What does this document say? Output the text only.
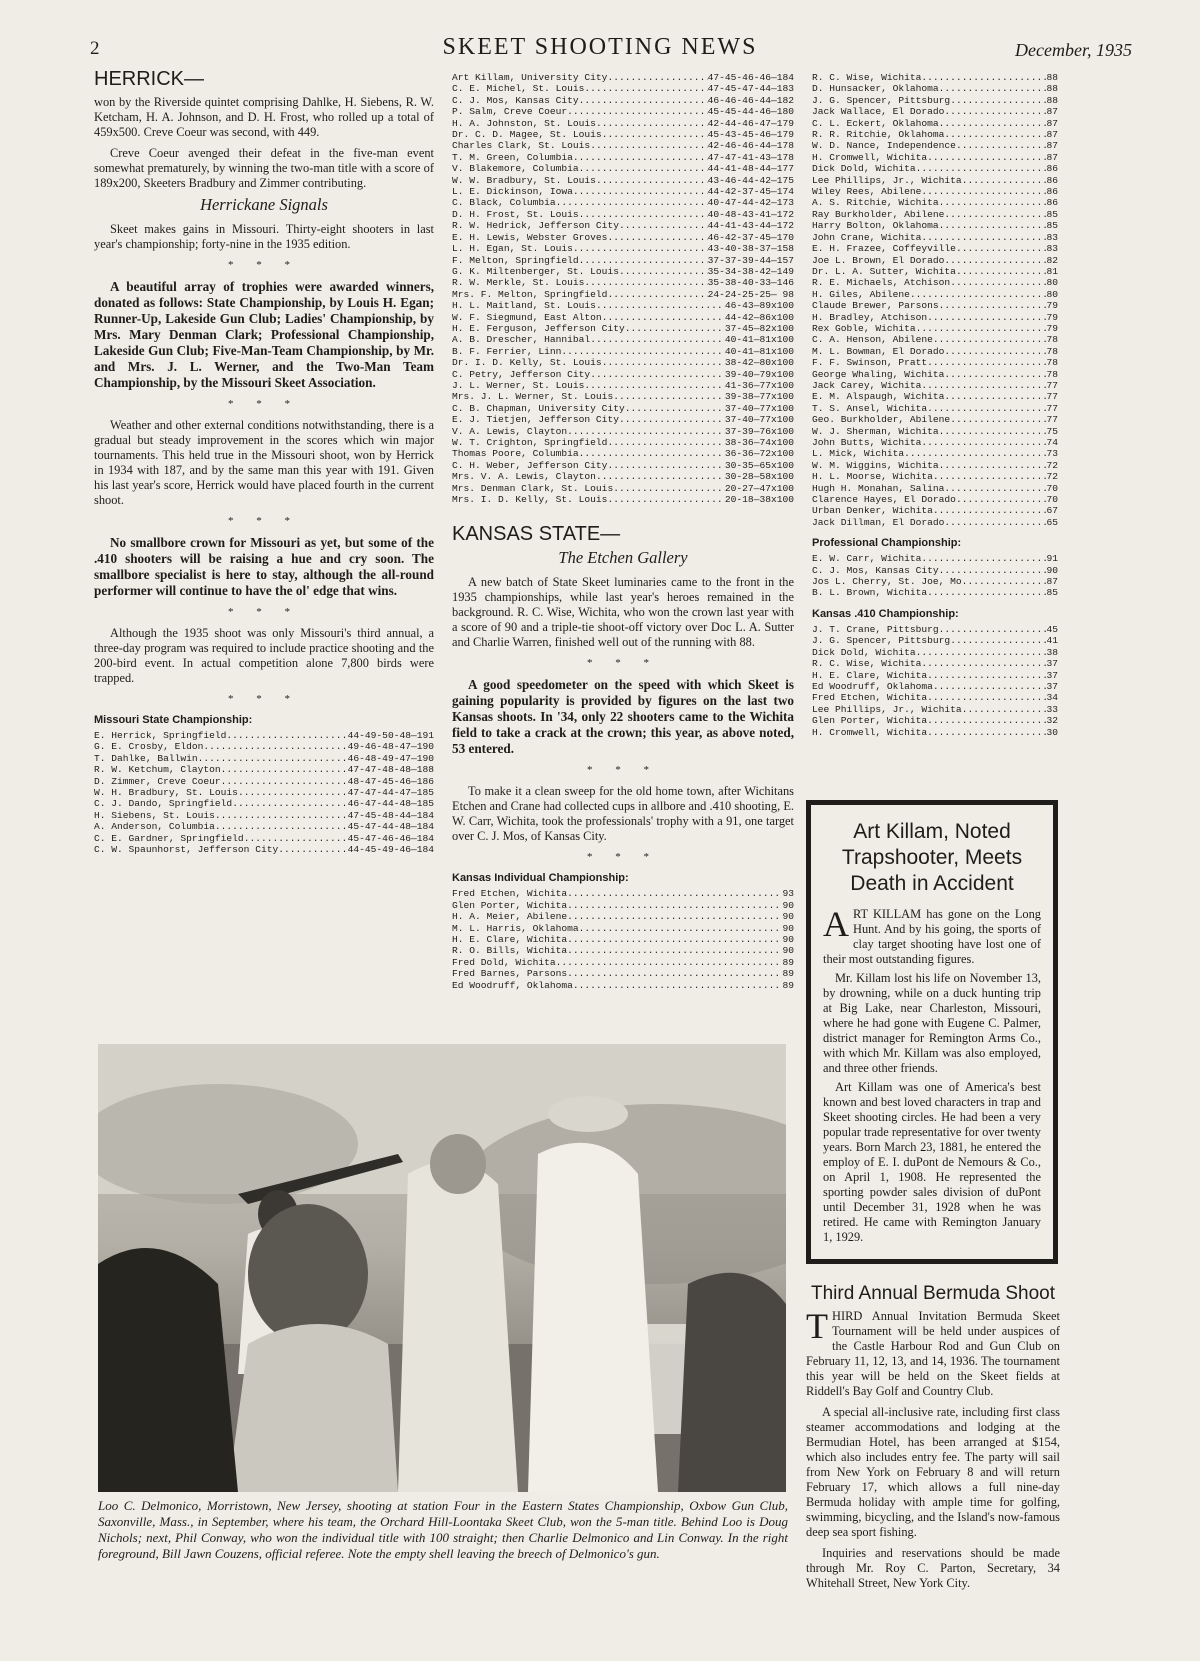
2	SKEET SHOOTING NEWS	December, 1935
HERRICK—

won by the Riverside quintet comprising Dahlke, H. Siebens, R. W. Ketcham, H. A. Johnson, and D. H. Frost, who rolled up a total of 459x500. Creve Coeur was second, with 449.

Creve Coeur avenged their defeat in the five-man event somewhat prematurely, by winning the two-man title with a score of 189x200, Skeeters Bradbury and Zimmer contributing.

Herrickane Signals

Skeet makes gains in Missouri. Thirty-eight shooters in last year's championship; forty-nine in the 1935 edition.

* * *

A beautiful array of trophies were awarded winners, donated as follows: State Championship, by Louis H. Egan; Runner-Up, Lakeside Gun Club; Ladies' Championship, by Mrs. Mary Denman Clark; Professional Championship, Lakeside Gun Club; Five-Man-Team Championship, by Mr. and Mrs. J. L. Werner, and the Two-Man Team Championship, by the Missouri Skeet Association.

* * *

Weather and other external conditions notwithstanding, there is a gradual but steady improvement in the scores which win major tournaments. This held true in the Missouri shoot, won by Herrick in 1934 with 187, and by the same man this year with 191. Given his last year's score, Herrick would have placed fourth in the current shoot.

* * *

No smallbore crown for Missouri as yet, but some of the .410 shooters will be raising a hue and cry soon. The smallbore specialist is here to stay, although the all-round performer will continue to have the ol' edge that wins.

* * *

Although the 1935 shoot was only Missouri's third annual, a three-day program was required to include practice shooting and the 200-bird event. In actual competition alone 7,800 birds were trapped.

* * *
Missouri State Championship:
E. Herrick, Springfield .....	44-49-50-48—191
G. E. Crosby, Eldon .....	49-46-48-47—190
T. Dahlke, Ballwin .....	46-48-49-47—190
R. W. Ketchum, Clayton .....	47-47-48-48—188
D. Zimmer, Creve Coeur .....	48-47-45-46—186
W. H. Bradbury, St. Louis .....	47-47-44-47—185
C. J. Dando, Springfield .....	46-47-44-48—185
H. Siebens, St. Louis .....	47-45-48-44—184
A. Anderson, Columbia .....	45-47-44-48—184
C. E. Gardner, Springfield .....	45-47-46-46—184
C. W. Spaunhorst, Jefferson City .....	44-45-49-46—184
Art Killam, University City .....	47-45-46-46—184
C. E. Michel, St. Louis .....	47-45-47-44—183
C. J. Mos, Kansas City .....	46-46-46-44—182
P. Salm, Creve Coeur .....	45-45-44-46—180
H. A. Johnston, St. Louis .....	42-44-46-47—179
Dr. C. D. Magee, St. Louis .....	45-43-45-46—179
Charles Clark, St. Louis .....	42-46-46-44—178
T. M. Green, Columbia .....	47-47-41-43—178
V. Blakemore, Columbia .....	44-41-48-44—177
W. W. Bradbury, St. Louis .....	43-46-44-42—175
L. E. Dickinson, Iowa .....	44-42-37-45—174
C. Black, Columbia .....	40-47-44-42—173
D. H. Frost, St. Louis .....	40-48-43-41—172
R. W. Hedrick, Jefferson City .....	44-41-43-44—172
E. H. Lewis, Webster Groves .....	46-42-37-45—170
L. H. Egan, St. Louis .....	43-40-38-37—158
F. Melton, Springfield .....	37-37-39-44—157
G. K. Miltenberger, St. Louis .....	35-34-38-42—149
R. W. Merkle, St. Louis .....	35-38-40-33—146
Mrs. F. Melton, Springfield .....	24-24-25-25— 98
H. L. Maitland, St. Louis .....	46-43—89x100
W. F. Siegmund, East Alton .....	44-42—86x100
H. E. Ferguson, Jefferson City .....	37-45—82x100
A. B. Drescher, Hannibal .....	40-41—81x100
B. F. Ferrier, Linn .....	40-41—81x100
Dr. I. D. Kelly, St. Louis .....	38-42—80x100
C. Petry, Jefferson City .....	39-40—79x100
J. L. Werner, St. Louis .....	41-36—77x100
Mrs. J. L. Werner, St. Louis .....	39-38—77x100
C. B. Chapman, University City .....	37-40—77x100
E. J. Tietjen, Jefferson City .....	37-40—77x100
V. A. Lewis, Clayton .....	37-39—76x100
W. T. Crighton, Springfield .....	38-36—74x100
Thomas Poore, Columbia .....	36-36—72x100
C. H. Weber, Jefferson City .....	30-35—65x100
Mrs. V. A. Lewis, Clayton .....	30-28—58x100
Mrs. Denman Clark, St. Louis .....	20-27—47x100
Mrs. I. D. Kelly, St. Louis .....	20-18—38x100
KANSAS STATE—
The Etchen Gallery

A new batch of State Skeet luminaries came to the front in the 1935 championships, while last year's heroes remained in the background. R. C. Wise, Wichita, who won the crown last year with a score of 90 and a triple-tie shoot-off victory over Doc L. A. Sutter and Charlie Warren, finished well out of the running with 88.

* * *

A good speedometer on the speed with which Skeet is gaining popularity is provided by figures on the last two Kansas shoots. In '34, only 22 shooters came to the Wichita field to take a crack at the crown; this year, as above noted, 53 entered.

* * *

To make it a clean sweep for the old home town, after Wichitans Etchen and Crane had collected cups in allbore and .410 shooting, E. W. Carr, Wichita, took the professionals' trophy with a 91, one target over C. J. Mos, of Kansas City.

* * *
Kansas Individual Championship:
Fred Etchen, Wichita .....	93
Glen Porter, Wichita .....	90
H. A. Meier, Abilene .....	90
M. L. Harris, Oklahoma .....	90
H. E. Clare, Wichita .....	90
R. O. Bills, Wichita .....	90
Fred Dold, Wichita .....	89
Fred Barnes, Parsons .....	89
Ed Woodruff, Oklahoma .....	89
R. C. Wise, Wichita .....	88
D. Hunsacker, Oklahoma .....	88
J. G. Spencer, Pittsburg .....	88
Jack Wallace, El Dorado .....	87
C. L. Eckert, Oklahoma .....	87
R. R. Ritchie, Oklahoma .....	87
W. D. Nance, Independence .....	87
H. Cromwell, Wichita .....	87
Dick Dold, Wichita .....	86
Lee Phillips, Jr., Wichita .....	86
Wiley Rees, Abilene .....	86
A. S. Ritchie, Wichita .....	86
Ray Burkholder, Abilene .....	85
Harry Bolton, Oklahoma .....	85
John Crane, Wichita .....	83
E. H. Frazee, Coffeyville .....	83
Joe L. Brown, El Dorado .....	82
Dr. L. A. Sutter, Wichita .....	81
R. E. Michaels, Atchison .....	80
H. Giles, Abilene .....	80
Claude Brewer, Parsons .....	79
H. Bradley, Atchison .....	79
Rex Goble, Wichita .....	79
C. A. Henson, Abilene .....	78
M. L. Bowman, El Dorado .....	78
F. F. Swinson, Pratt .....	78
George Whaling, Wichita .....	78
Jack Carey, Wichita .....	77
E. M. Alspaugh, Wichita .....	77
T. S. Ansel, Wichita .....	77
Geo. Burkholder, Abilene .....	77
W. J. Sherman, Wichita .....	75
John Butts, Wichita .....	74
L. Mick, Wichita .....	73
W. M. Wiggins, Wichita .....	72
H. L. Moorse, Wichita .....	72
Hugh H. Monahan, Salina .....	70
Clarence Hayes, El Dorado .....	70
Urban Denker, Wichita .....	67
Jack Dillman, El Dorado .....	65
Professional Championship:
E. W. Carr, Wichita .....	91
C. J. Mos, Kansas City .....	90
Jos L. Cherry, St. Joe, Mo. .....	87
B. L. Brown, Wichita .....	85
Kansas .410 Championship:
J. T. Crane, Pittsburg .....	45
J. G. Spencer, Pittsburg .....	41
Dick Dold, Wichita .....	38
R. C. Wise, Wichita .....	37
H. E. Clare, Wichita .....	37
Ed Woodruff, Oklahoma .....	37
Fred Etchen, Wichita .....	34
Lee Phillips, Jr., Wichita .....	33
Glen Porter, Wichita .....	32
H. Cromwell, Wichita .....	30
Loo C. Delmonico, Morristown, New Jersey, shooting at station Four in the Eastern States Championship, Oxbow Gun Club, Saxonville, Mass., in September, where his team, the Orchard Hill-Loontaka Skeet Club, won the 5-man title. Behind Loo is Doug Nichols; next, Phil Conway, who won the individual title with 100 straight; then Charlie Delmonico and Lin Conway. In the right foreground, Bill Jawn Couzens, official referee. Note the empty shell leaving the breech of Delmonico's gun.
Art Killam, Noted Trapshooter, Meets Death in Accident

ART KILLAM has gone on the Long Hunt. And by his going, the sports of clay target shooting have lost one of their most outstanding figures.

Mr. Killam lost his life on November 13, by drowning, while on a duck hunting trip at Big Lake, near Charleston, Missouri, where he had gone with Eugene C. Palmer, district manager for Remington Arms Co., with which Mr. Killam was also employed, and three other friends.

Art Killam was one of America's best known and best loved characters in trap and Skeet shooting circles. He had been a very popular trade representative for over twenty years. Born March 23, 1881, he entered the employ of E. I. duPont de Nemours & Co., on April 1, 1908. He represented the sporting powder sales division of duPont until December 31, 1928 when he was retired. He came with Remington January 1, 1929.

Third Annual Bermuda Shoot

THIRD Annual Invitation Bermuda Skeet Tournament will be held under auspices of the Castle Harbour Rod and Gun Club on February 11, 12, 13, and 14, 1936. The tournament this year will be held on the Skeet fields at Riddell's Bay Golf and Country Club.

A special all-inclusive rate, including first class steamer accommodations and lodging at the Bermudian Hotel, has been arranged at $154, which also includes entry fee. The party will sail from New York on February 8 and will return February 17, which allows a full nine-day Bermuda holiday with ample time for golfing, swimming, bicycling, and the Island's now-famous deep sea sport fishing.

Inquiries and reservations should be made through Mr. Roy C. Parton, Secretary, 34 Whitehall Street, New York City.
